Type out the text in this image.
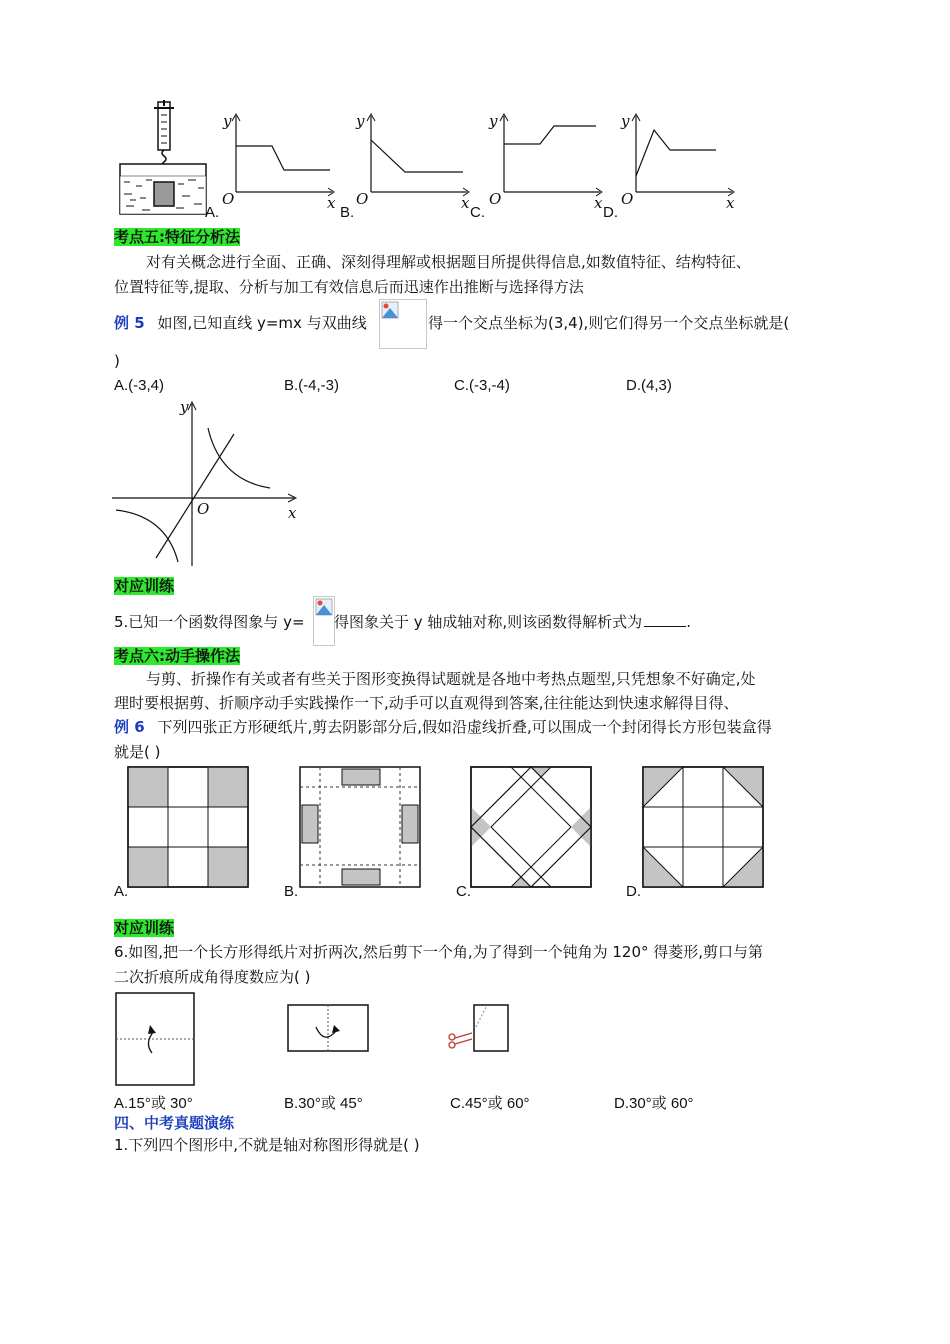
A.
y
O	x
B.
y
O	x
C.
y
O	x
D.
y
O	x
考点五:特征分析法
对有关概念进行全面、正确、深刻得理解或根据题目所提供得信息,如数值特征、结构特征、
位置特征等,提取、分析与加工有效信息后而迅速作出推断与选择得方法
例 5 如图,已知直线 y=mx 与双曲线	得一个交点坐标为(3,4),则它们得另一个交点坐标就是(
)
A.(-3,4)	B.(-4,-3)	C.(-3,-4)	D.(4,3)
y
O	x
对应训练
5.已知一个函数得图象与 y= 得图象关于 y 轴成轴对称,则该函数得解析式为	.
考点六:动手操作法
与剪、折操作有关或者有些关于图形变换得试题就是各地中考热点题型,只凭想象不好确定,处
理时要根据剪、折顺序动手实践操作一下,动手可以直观得到答案,往往能达到快速求解得目得、
例 6 下列四张正方形硬纸片,剪去阴影部分后,假如沿虚线折叠,可以围成一个封闭得长方形包装盒得
就是( )
A.	B.	C.	D.
对应训练
6.如图,把一个长方形得纸片对折两次,然后剪下一个角,为了得到一个钝角为 120° 得菱形,剪口与第
二次折痕所成角得度数应为( )
A.15°或 30°	B.30°或 45°	C.45°或 60°	D.30°或 60°
四、中考真题演练
1.下列四个图形中,不就是轴对称图形得就是( )
